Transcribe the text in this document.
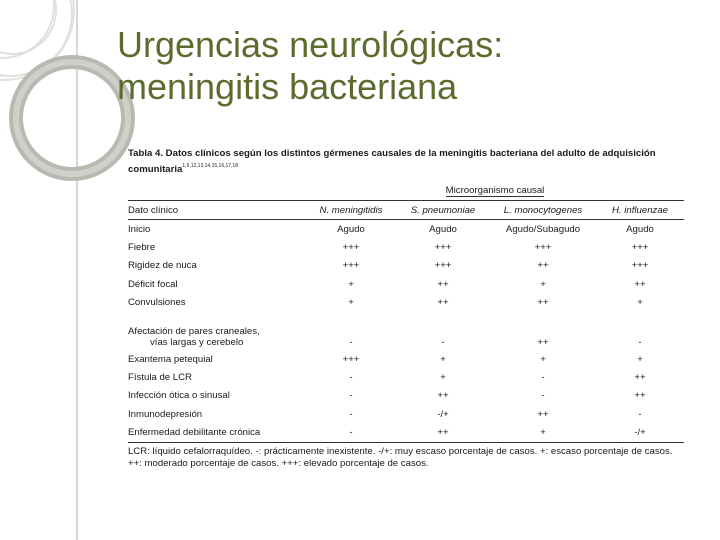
Urgencias neurológicas:
meningitis bacteriana
Tabla 4. Datos clínicos según los distintos gérmenes causales de la meningitis bacteriana del adulto de adquisición comunitaria$^{1,9,12,13,14,15,16,17,18}$
	Microorganismo causal			
Dato clínico	N. meningitidis	S. pneumoniae	L. monocytogenes	H. influenzae
Inicio	Agudo	Agudo	Agudo/Subagudo	Agudo
Fiebre	+++	+++	+++	+++
Rigidez de nuca	+++	+++	++	+++
Déficit focal	+	++	+	++
Convulsiones	+	++	++	+
Afectación de pares craneales,
vías largas y cerebelo	-	-	++	-
Exantema petequial	+++	+	+	+
Fístula de LCR	-	+	-	++
Infección ótica o sinusal	-	++	-	++
Inmunodepresión	-	-/+	++	-
Enfermedad debilitante crónica	-	++	+	-/+
LCR: líquido cefalorraquídeo. -: prácticamente inexistente. -/+: muy escaso porcentaje de casos. +: escaso porcentaje de casos. ++: moderado porcentaje de casos. +++: elevado porcentaje de casos.
